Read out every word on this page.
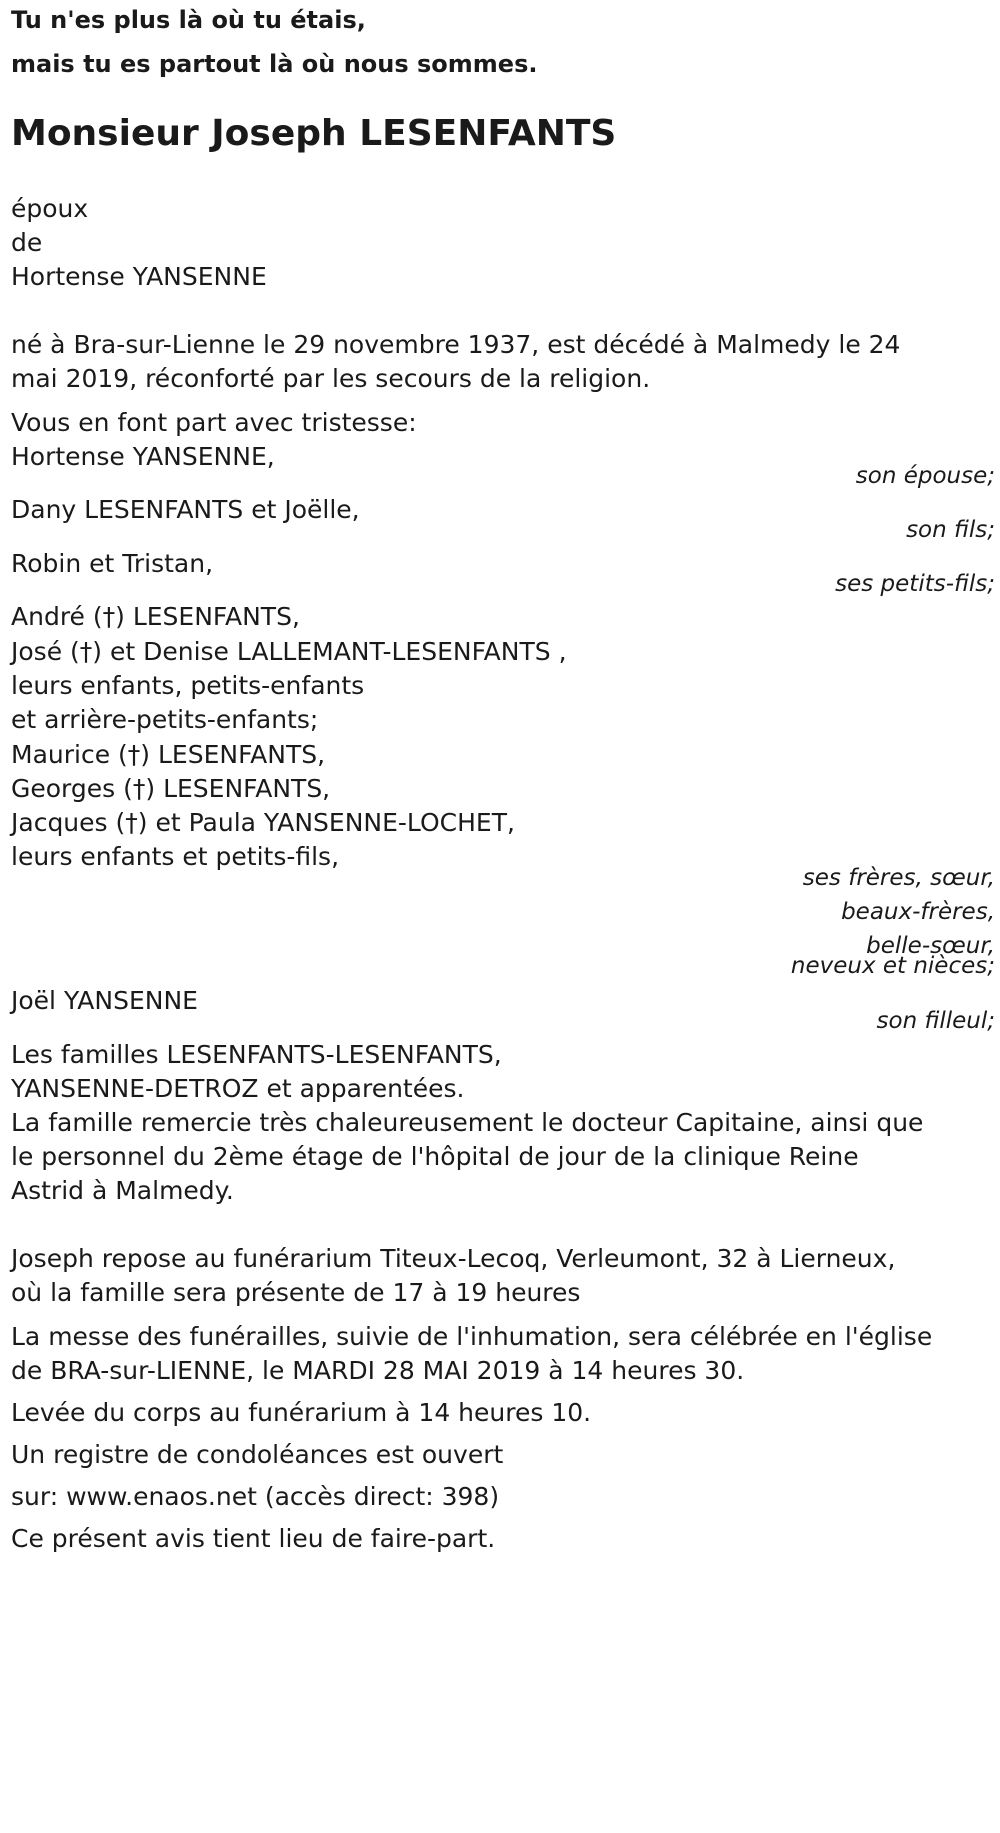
Tu n'es plus là où tu étais,
mais tu es partout là où nous sommes.
Monsieur Joseph LESENFANTS
époux
de
Hortense YANSENNE
né à Bra-sur-Lienne le 29 novembre 1937, est décédé à Malmedy le 24
mai 2019, réconforté par les secours de la religion.
Vous en font part avec tristesse:
Hortense YANSENNE,
son épouse;
Dany LESENFANTS et Joëlle,
son fils;
Robin et Tristan,
ses petits-fils;
André (†) LESENFANTS,
José (†) et Denise LALLEMANT-LESENFANTS ,
leurs enfants, petits-enfants
et arrière-petits-enfants;
Maurice (†) LESENFANTS,
Georges (†) LESENFANTS,
Jacques (†) et Paula YANSENNE-LOCHET,
leurs enfants et petits-fils,
ses frères, sœur,
beaux-frères,
belle-sœur,
neveux et nièces;
Joël YANSENNE
son filleul;
Les familles LESENFANTS-LESENFANTS,
YANSENNE-DETROZ et apparentées.
La famille remercie très chaleureusement le docteur Capitaine, ainsi que
le personnel du 2ème étage de l'hôpital de jour de la clinique Reine
Astrid à Malmedy.
Joseph repose au funérarium Titeux-Lecoq, Verleumont, 32 à Lierneux,
où la famille sera présente de 17 à 19 heures
La messe des funérailles, suivie de l'inhumation, sera célébrée en l'église
de BRA-sur-LIENNE, le MARDI 28 MAI 2019 à 14 heures 30.
Levée du corps au funérarium à 14 heures 10.
Un registre de condoléances est ouvert
sur: www.enaos.net (accès direct: 398)
Ce présent avis tient lieu de faire-part.
